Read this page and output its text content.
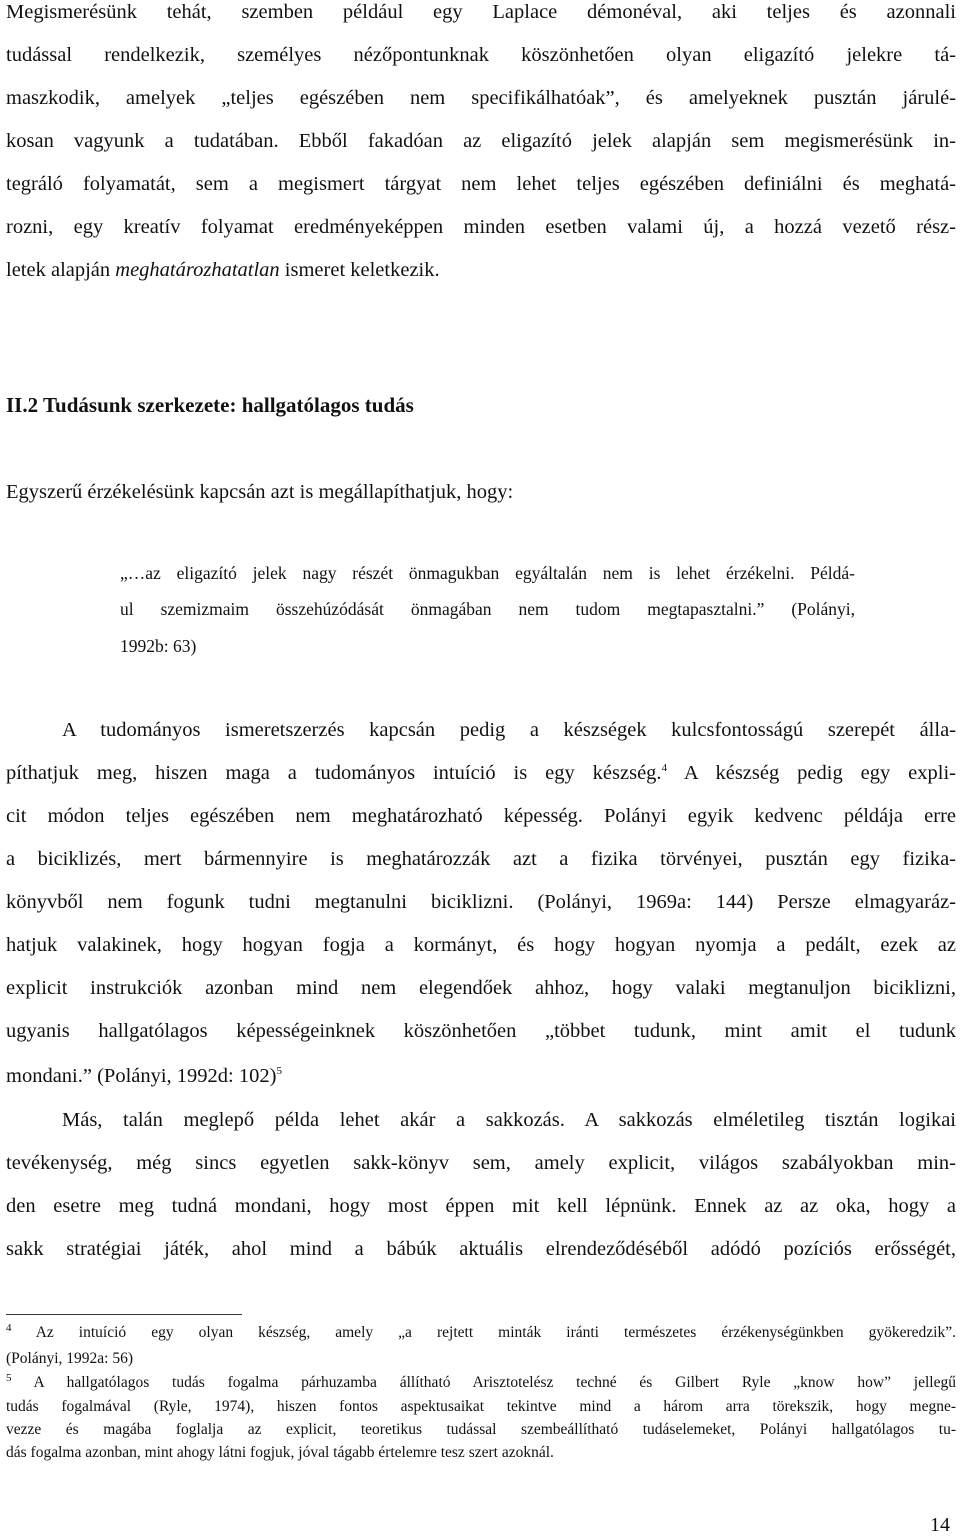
Megismerésünk tehát, szemben például egy Laplace démonéval, aki teljes és azonnali
tudással rendelkezik, személyes nézőpontunknak köszönhetően olyan eligazító jelekre tá-
maszkodik, amelyek „teljes egészében nem specifikálhatóak”, és amelyeknek pusztán járulé-
kosan vagyunk a tudatában. Ebből fakadóan az eligazító jelek alapján sem megismerésünk in-
tegráló folyamatát, sem a megismert tárgyat nem lehet teljes egészében definiálni és meghatá-
rozni, egy kreatív folyamat eredményeképpen minden esetben valami új, a hozzá vezető rész-
letek alapján meghatározhatatlan ismeret keletkezik.
II.2 Tudásunk szerkezete: hallgatólagos tudás
Egyszerű érzékelésünk kapcsán azt is megállapíthatjuk, hogy:
„…az eligazító jelek nagy részét önmagukban egyáltalán nem is lehet érzékelni. Példá-
ul szemizmaim összehúzódását önmagában nem tudom megtapasztalni.” (Polányi,
1992b: 63)
A tudományos ismeretszerzés kapcsán pedig a készségek kulcsfontosságú szerepét álla-
píthatjuk meg, hiszen maga a tudományos intuíció is egy készség.$^4$ A készség pedig egy expli-
cit módon teljes egészében nem meghatározható képesség. Polányi egyik kedvenc példája erre
a biciklizés, mert bármennyire is meghatározzák azt a fizika törvényei, pusztán egy fizika-
könyvből nem fogunk tudni megtanulni biciklizni. (Polányi, 1969a: 144) Persze elmagyaráz-
hatjuk valakinek, hogy hogyan fogja a kormányt, és hogy hogyan nyomja a pedált, ezek az
explicit instrukciók azonban mind nem elegendőek ahhoz, hogy valaki megtanuljon biciklizni,
ugyanis hallgatólagos képességeinknek köszönhetően „többet tudunk, mint amit el tudunk
mondani.” (Polányi, 1992d: 102)$^5$
Más, talán meglepő példa lehet akár a sakkozás. A sakkozás elméletileg tisztán logikai
tevékenység, még sincs egyetlen sakk-könyv sem, amely explicit, világos szabályokban min-
den esetre meg tudná mondani, hogy most éppen mit kell lépnünk. Ennek az az oka, hogy a
sakk stratégiai játék, ahol mind a bábúk aktuális elrendeződéséből adódó pozíciós erősségét,
$^4$ Az intuíció egy olyan készség, amely „a rejtett minták iránti természetes érzékenységünkben gyökeredzik”.
(Polányi, 1992a: 56)
$^5$ A hallgatólagos tudás fogalma párhuzamba állítható Arisztotelész techné és Gilbert Ryle „know how” jellegű
tudás fogalmával (Ryle, 1974), hiszen fontos aspektusaikat tekintve mind a három arra törekszik, hogy megne-
vezze és magába foglalja az explicit, teoretikus tudással szembeállítható tudáselemeket, Polányi hallgatólagos tu-
dás fogalma azonban, mint ahogy látni fogjuk, jóval tágabb értelemre tesz szert azoknál.
14
